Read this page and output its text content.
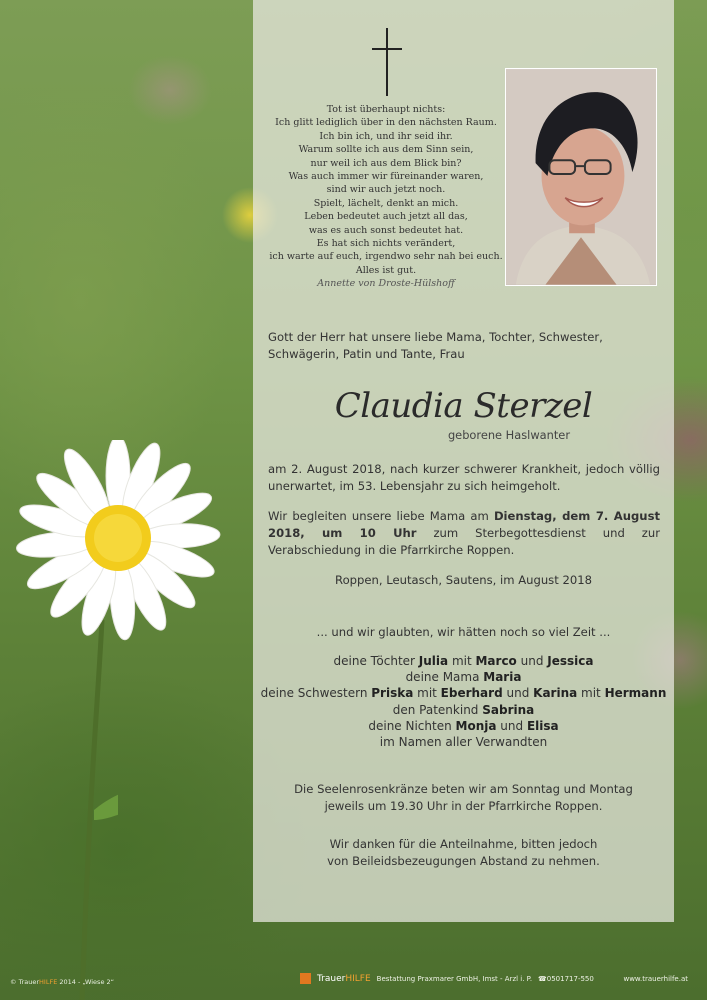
Tot ist überhaupt nichts:
Ich glitt lediglich über in den nächsten Raum.
Ich bin ich, und ihr seid ihr.
Warum sollte ich aus dem Sinn sein,
nur weil ich aus dem Blick bin?
Was auch immer wir füreinander waren,
sind wir auch jetzt noch.
Spielt, lächelt, denkt an mich.
Leben bedeutet auch jetzt all das,
was es auch sonst bedeutet hat.
Es hat sich nichts verändert,
ich warte auf euch, irgendwo sehr nah bei euch.
Alles ist gut.
Annette von Droste-Hülshoff
Gott der Herr hat unsere liebe Mama, Tochter, Schwester, Schwägerin, Patin und Tante, Frau
Claudia Sterzel
geborene Haslwanter
am 2. August 2018, nach kurzer schwerer Krankheit, jedoch völlig unerwartet, im 53. Lebensjahr zu sich heimgeholt.
Wir begleiten unsere liebe Mama am Dienstag, dem 7. August 2018, um 10 Uhr zum Sterbegottesdienst und zur Verabschiedung in die Pfarrkirche Roppen.
Roppen, Leutasch, Sautens, im August 2018
... und wir glaubten, wir hätten noch so viel Zeit ...
deine Töchter Julia mit Marco und Jessica
deine Mama Maria
deine Schwestern Priska mit Eberhard und Karina mit Hermann
den Patenkind Sabrina
deine Nichten Monja und Elisa
im Namen aller Verwandten
Die Seelenrosenkränze beten wir am Sonntag und Montag
jeweils um 19.30 Uhr in der Pfarrkirche Roppen.
Wir danken für die Anteilnahme, bitten jedoch
von Beileidsbezeugungen Abstand zu nehmen.
© TrauerHILFE 2014 - „Wiese 2“	TrauerHILFE Bestattung Praxmarer GmbH, Imst - Arzl i. P. ☎0501717-550	www.trauerhilfe.at
